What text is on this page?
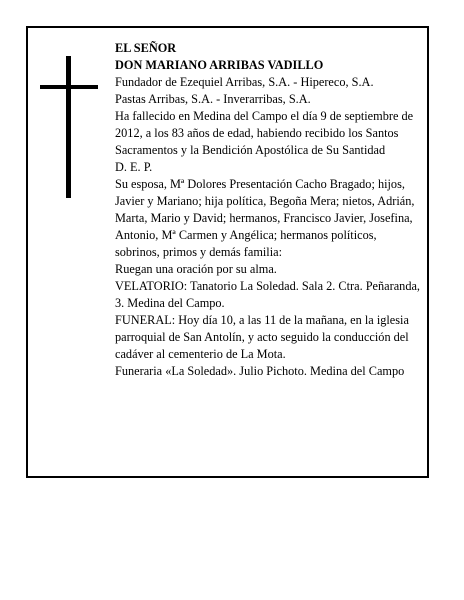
EL SEÑOR

DON MARIANO ARRIBAS VADILLO

Fundador de Ezequiel Arribas, S.A. - Hipereco, S.A.

Pastas Arribas, S.A. - Inverarribas, S.A.

Ha fallecido en Medina del Campo el día 9 de septiembre de 2012, a los 83 años de edad, habiendo recibido los Santos Sacramentos y la Bendición Apostólica de Su Santidad

D. E. P.

Su esposa, Mª Dolores Presentación Cacho Bragado; hijos, Javier y Mariano; hija política, Begoña Mera; nietos, Adrián, Marta, Mario y David; hermanos, Francisco Javier, Josefina, Antonio, Mª Carmen y Angélica; hermanos políticos, sobrinos, primos y demás familia:

Ruegan una oración por su alma.

VELATORIO: Tanatorio La Soledad. Sala 2. Ctra. Peñaranda, 3. Medina del Campo.

FUNERAL: Hoy día 10, a las 11 de la mañana, en la iglesia parroquial de San Antolín, y acto seguido la conducción del cadáver al cementerio de La Mota.

Funeraria «La Soledad». Julio Pichoto. Medina del Campo
